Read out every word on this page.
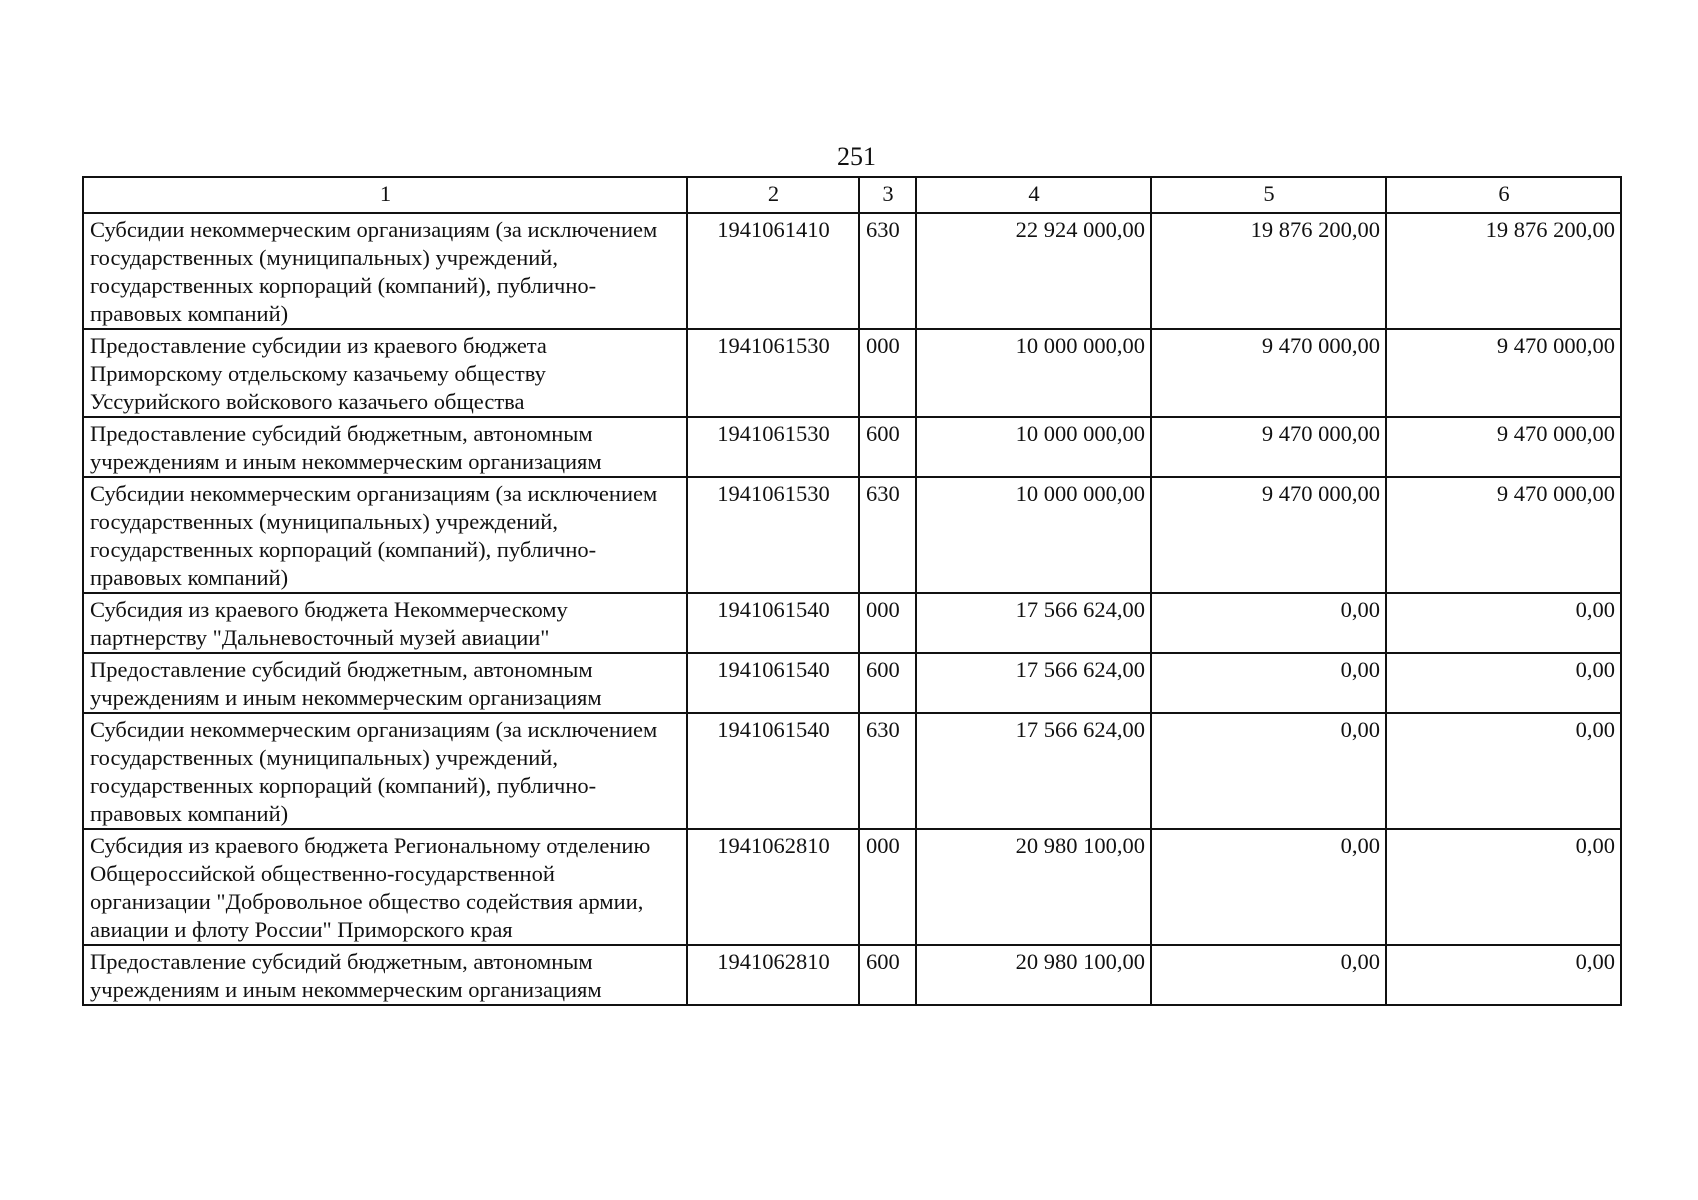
251
1	2	3	4	5	6
Субсидии некоммерческим организациям (за исключением государственных (муниципальных) учреждений, государственных корпораций (компаний), публично-правовых компаний)	1941061410	630	22 924 000,00	19 876 200,00	19 876 200,00
Предоставление субсидии из краевого бюджета Приморскому отдельскому казачьему обществу Уссурийского войскового казачьего общества	1941061530	000	10 000 000,00	9 470 000,00	9 470 000,00
Предоставление субсидий бюджетным, автономным учреждениям и иным некоммерческим организациям	1941061530	600	10 000 000,00	9 470 000,00	9 470 000,00
Субсидии некоммерческим организациям (за исключением государственных (муниципальных) учреждений, государственных корпораций (компаний), публично-правовых компаний)	1941061530	630	10 000 000,00	9 470 000,00	9 470 000,00
Субсидия из краевого бюджета Некоммерческому партнерству "Дальневосточный музей авиации"	1941061540	000	17 566 624,00	0,00	0,00
Предоставление субсидий бюджетным, автономным учреждениям и иным некоммерческим организациям	1941061540	600	17 566 624,00	0,00	0,00
Субсидии некоммерческим организациям (за исключением государственных (муниципальных) учреждений, государственных корпораций (компаний), публично-правовых компаний)	1941061540	630	17 566 624,00	0,00	0,00
Субсидия из краевого бюджета Региональному отделению Общероссийской общественно-государственной организации "Добровольное общество содействия армии, авиации и флоту России" Приморского края	1941062810	000	20 980 100,00	0,00	0,00
Предоставление субсидий бюджетным, автономным учреждениям и иным некоммерческим организациям	1941062810	600	20 980 100,00	0,00	0,00
